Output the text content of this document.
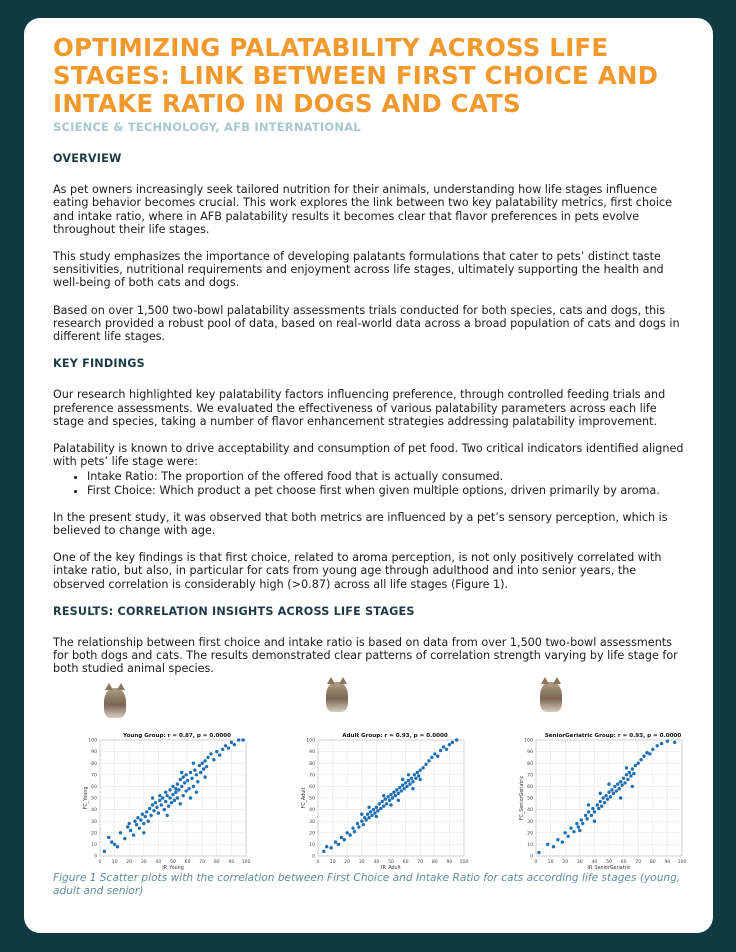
OPTIMIZING PALATABILITY ACROSS LIFE STAGES: LINK BETWEEN FIRST CHOICE AND INTAKE RATIO IN DOGS AND CATS
SCIENCE & TECHNOLOGY, AFB INTERNATIONAL
OVERVIEW

As pet owners increasingly seek tailored nutrition for their animals, understanding how life stages influence eating behavior becomes crucial. This work explores the link between two key palatability metrics, first choice and intake ratio, where in AFB palatability results it becomes clear that flavor preferences in pets evolve throughout their life stages.

This study emphasizes the importance of developing palatants formulations that cater to pets’ distinct taste sensitivities, nutritional requirements and enjoyment across life stages, ultimately supporting the health and well-being of both cats and dogs.

Based on over 1,500 two-bowl palatability assessments trials conducted for both species, cats and dogs, this research provided a robust pool of data, based on real-world data across a broad population of cats and dogs in different life stages.

KEY FINDINGS

Our research highlighted key palatability factors influencing preference, through controlled feeding trials and preference assessments. We evaluated the effectiveness of various palatability parameters across each life stage and species, taking a number of flavor enhancement strategies addressing palatability improvement.

Palatability is known to drive acceptability and consumption of pet food. Two critical indicators identified aligned with pets’ life stage were:

• Intake Ratio: The proportion of the offered food that is actually consumed.
• First Choice: Which product a pet choose first when given multiple options, driven primarily by aroma.

In the present study, it was observed that both metrics are influenced by a pet’s sensory perception, which is believed to change with age.

One of the key findings is that first choice, related to aroma perception, is not only positively correlated with intake ratio, but also, in particular for cats from young age through adulthood and into senior years, the observed correlation is considerably high (>0.87) across all life stages (Figure 1).

RESULTS: CORRELATION INSIGHTS ACROSS LIFE STAGES

The relationship between first choice and intake ratio is based on data from over 1,500 two-bowl assessments for both dogs and cats. The results demonstrated clear patterns of correlation strength varying by life stage for both studied animal species.

Young Group: r = 0.87, p = 0.0000
0
0
10
10
20
20
30
30
40
40
50
50
60
60
70
70
80
80
90
90
100
100
IR_Young
FC_Young
Adult Group: r = 0.93, p = 0.0000
0
0
10
10
20
20
30
30
40
40
50
50
60
60
70
70
80
80
90
90
100
100
IR_Adult
FC_Adult
SeniorGeriatric Group: r = 0.93, p = 0.0000
0
0
10
10
20
20
30
30
40
40
50
50
60
60
70
70
80
80
90
90
100
100
IR_SeniorGeriatric
FC_SeniorGeriatric
Figure 1 Scatter plots with the correlation between First Choice and Intake Ratio for cats according life stages (young, adult and senior)
